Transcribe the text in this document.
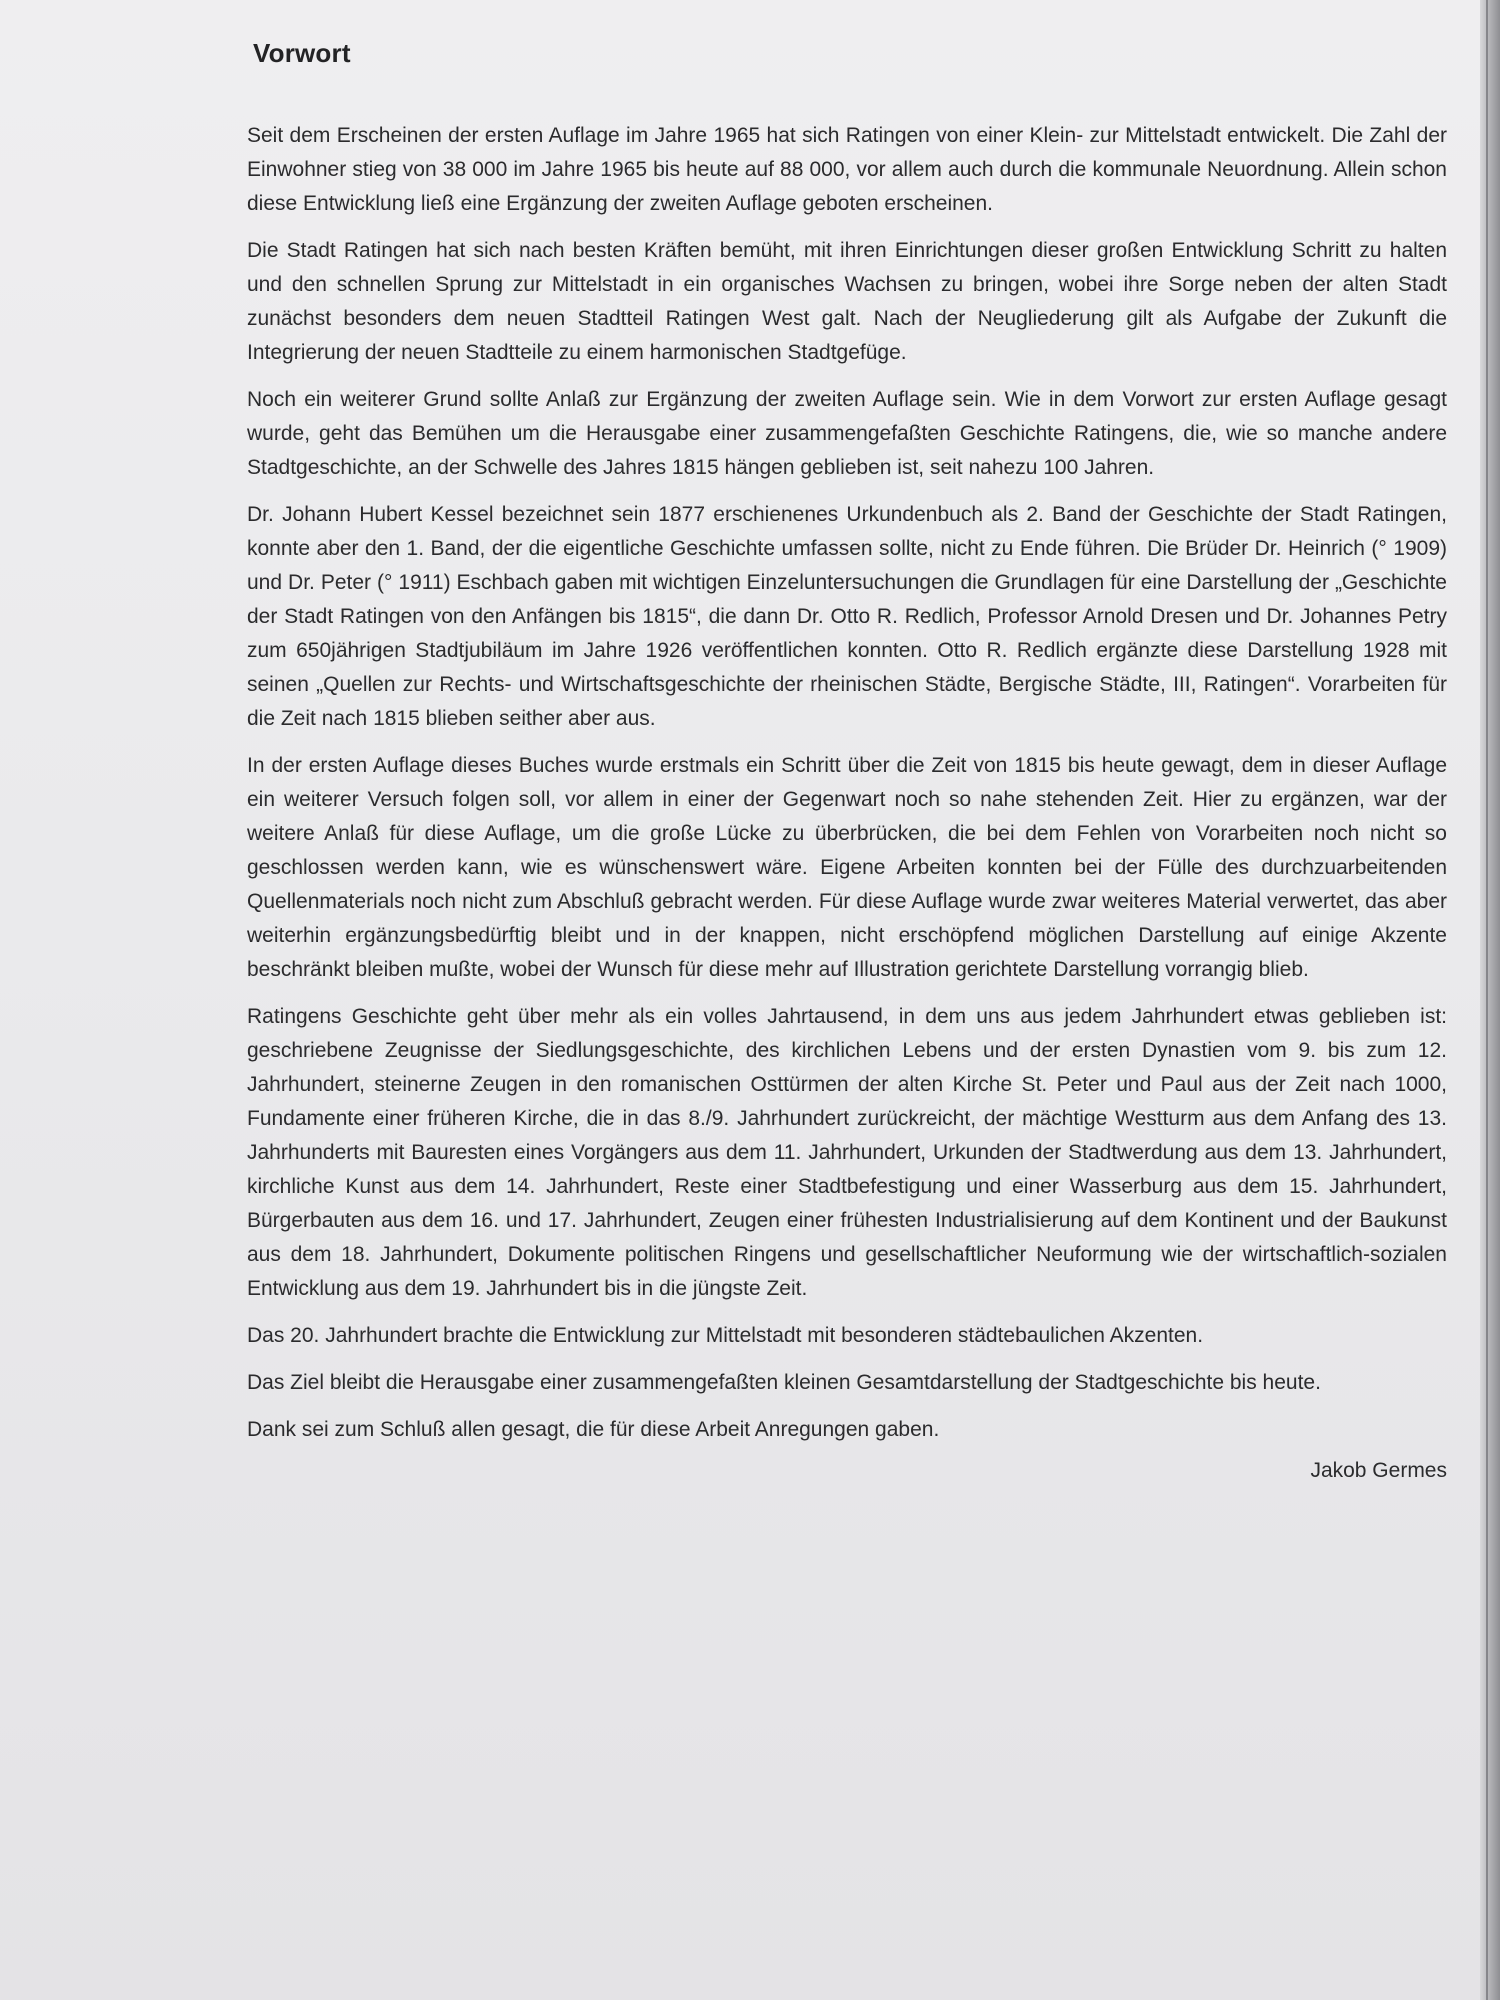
Vorwort

Seit dem Erscheinen der ersten Auflage im Jahre 1965 hat sich Ratingen von einer Klein- zur Mittelstadt entwickelt. Die Zahl der Einwohner stieg von 38 000 im Jahre 1965 bis heute auf 88 000, vor allem auch durch die kommunale Neuordnung. Allein schon diese Entwicklung ließ eine Ergänzung der zweiten Auflage geboten erscheinen.

Die Stadt Ratingen hat sich nach besten Kräften bemüht, mit ihren Einrichtungen dieser großen Entwicklung Schritt zu halten und den schnellen Sprung zur Mittelstadt in ein organisches Wachsen zu bringen, wobei ihre Sorge neben der alten Stadt zunächst besonders dem neuen Stadtteil Ratingen West galt. Nach der Neugliederung gilt als Aufgabe der Zukunft die Integrierung der neuen Stadtteile zu einem harmonischen Stadtgefüge.

Noch ein weiterer Grund sollte Anlaß zur Ergänzung der zweiten Auflage sein. Wie in dem Vorwort zur ersten Auflage gesagt wurde, geht das Bemühen um die Herausgabe einer zusammengefaßten Geschichte Ratingens, die, wie so manche andere Stadtgeschichte, an der Schwelle des Jahres 1815 hängen geblieben ist, seit nahezu 100 Jahren.

Dr. Johann Hubert Kessel bezeichnet sein 1877 erschienenes Urkundenbuch als 2. Band der Geschichte der Stadt Ratingen, konnte aber den 1. Band, der die eigentliche Geschichte umfassen sollte, nicht zu Ende führen. Die Brüder Dr. Heinrich (° 1909) und Dr. Peter (° 1911) Eschbach gaben mit wichtigen Einzeluntersuchungen die Grundlagen für eine Darstellung der „Geschichte der Stadt Ratingen von den Anfängen bis 1815“, die dann Dr. Otto R. Redlich, Professor Arnold Dresen und Dr. Johannes Petry zum 650jährigen Stadtjubiläum im Jahre 1926 veröffentlichen konnten. Otto R. Redlich ergänzte diese Darstellung 1928 mit seinen „Quellen zur Rechts- und Wirtschaftsgeschichte der rheinischen Städte, Bergische Städte, III, Ratingen“. Vorarbeiten für die Zeit nach 1815 blieben seither aber aus.

In der ersten Auflage dieses Buches wurde erstmals ein Schritt über die Zeit von 1815 bis heute gewagt, dem in dieser Auflage ein weiterer Versuch folgen soll, vor allem in einer der Gegenwart noch so nahe stehenden Zeit. Hier zu ergänzen, war der weitere Anlaß für diese Auflage, um die große Lücke zu überbrücken, die bei dem Fehlen von Vorarbeiten noch nicht so geschlossen werden kann, wie es wünschenswert wäre. Eigene Arbeiten konnten bei der Fülle des durchzuarbeitenden Quellenmaterials noch nicht zum Abschluß gebracht werden. Für diese Auflage wurde zwar weiteres Material verwertet, das aber weiterhin ergänzungsbedürftig bleibt und in der knappen, nicht erschöpfend möglichen Darstellung auf einige Akzente beschränkt bleiben mußte, wobei der Wunsch für diese mehr auf Illustration gerichtete Darstellung vorrangig blieb.

Ratingens Geschichte geht über mehr als ein volles Jahrtausend, in dem uns aus jedem Jahrhundert etwas geblieben ist: geschriebene Zeugnisse der Siedlungsgeschichte, des kirchlichen Lebens und der ersten Dynastien vom 9. bis zum 12. Jahrhundert, steinerne Zeugen in den romanischen Osttürmen der alten Kirche St. Peter und Paul aus der Zeit nach 1000, Fundamente einer früheren Kirche, die in das 8./9. Jahrhundert zurückreicht, der mächtige Westturm aus dem Anfang des 13. Jahrhunderts mit Bauresten eines Vorgängers aus dem 11. Jahrhundert, Urkunden der Stadtwerdung aus dem 13. Jahrhundert, kirchliche Kunst aus dem 14. Jahrhundert, Reste einer Stadtbefestigung und einer Wasserburg aus dem 15. Jahrhundert, Bürgerbauten aus dem 16. und 17. Jahrhundert, Zeugen einer frühesten Industrialisierung auf dem Kontinent und der Baukunst aus dem 18. Jahrhundert, Dokumente politischen Ringens und gesellschaftlicher Neuformung wie der wirtschaftlich-sozialen Entwicklung aus dem 19. Jahrhundert bis in die jüngste Zeit.

Das 20. Jahrhundert brachte die Entwicklung zur Mittelstadt mit besonderen städtebaulichen Akzenten.

Das Ziel bleibt die Herausgabe einer zusammengefaßten kleinen Gesamtdarstellung der Stadtgeschichte bis heute.

Dank sei zum Schluß allen gesagt, die für diese Arbeit Anregungen gaben.

Jakob Germes
